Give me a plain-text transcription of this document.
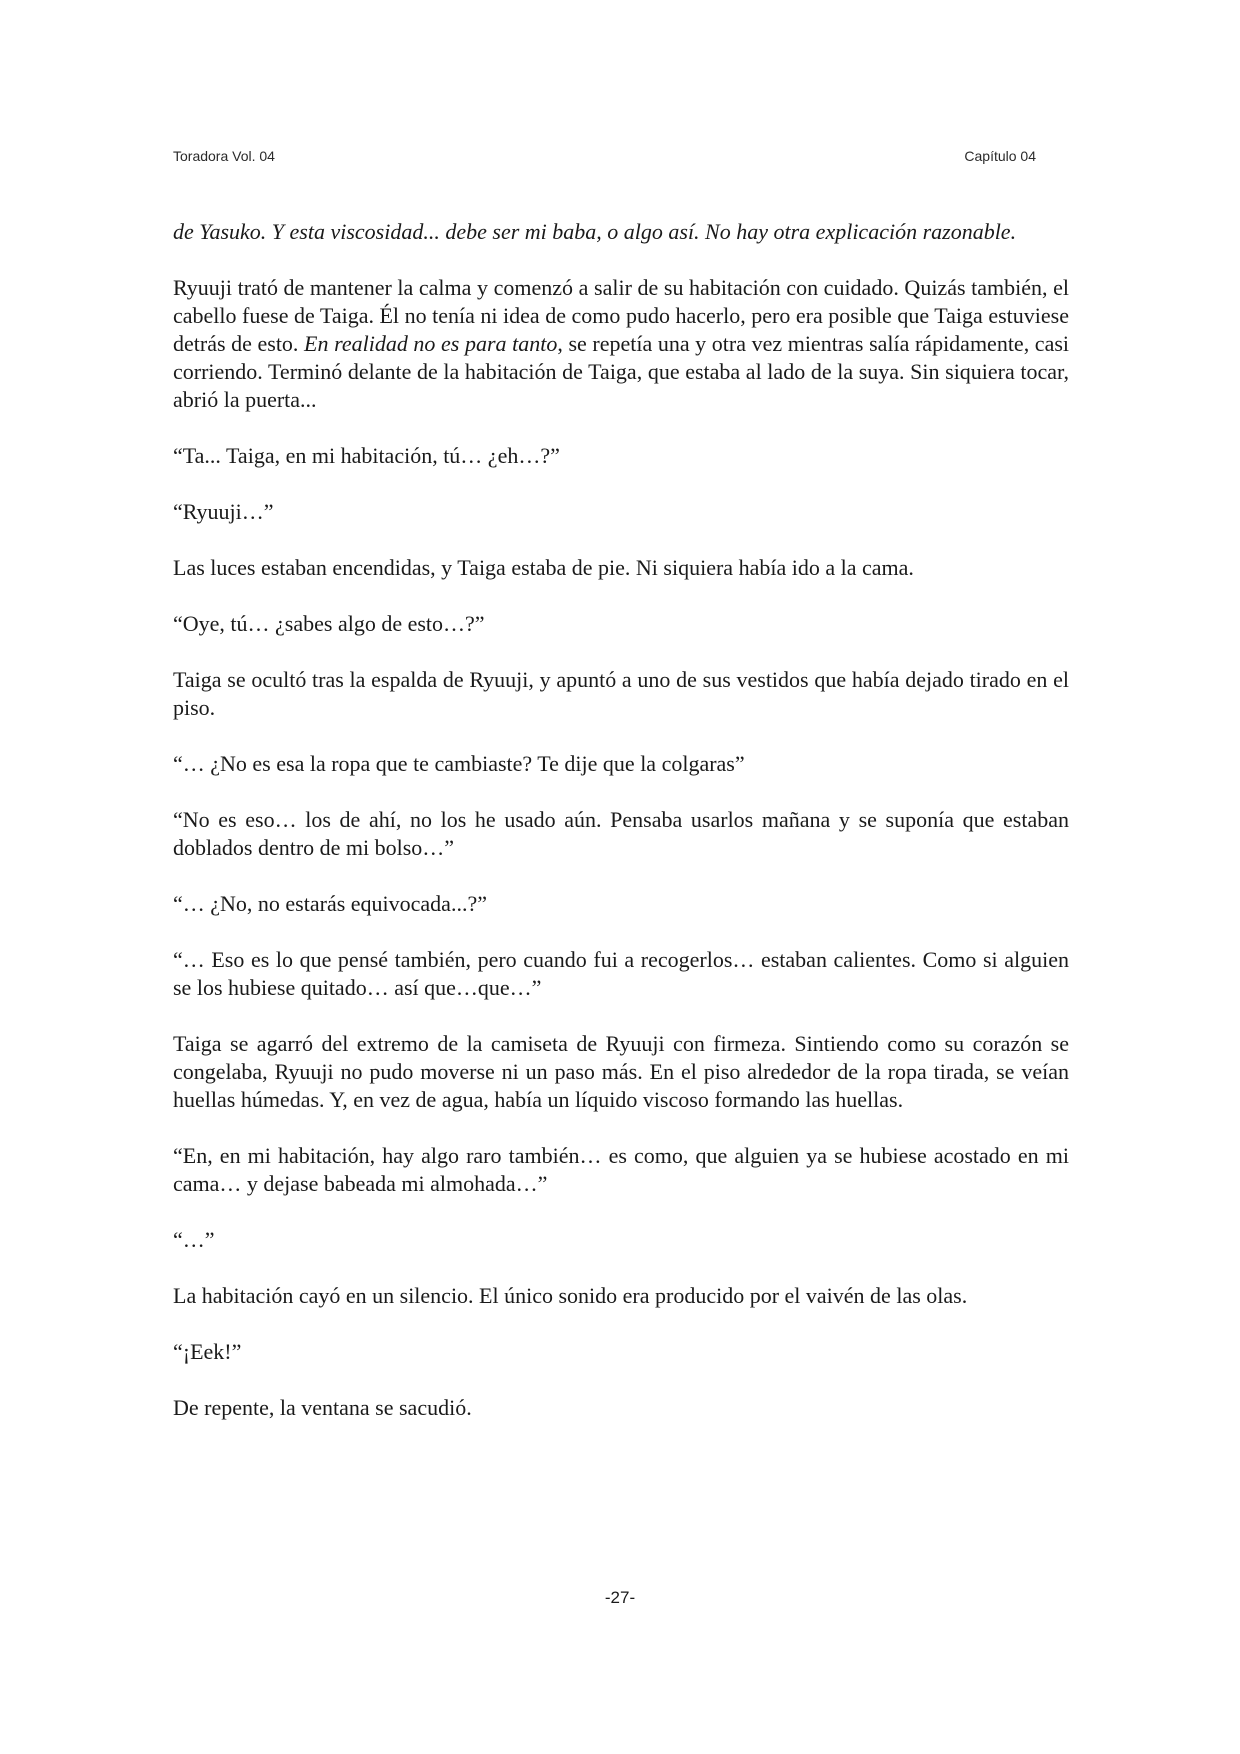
Toradora Vol. 04	Capítulo 04

de Yasuko. Y esta viscosidad... debe ser mi baba, o algo así. No hay otra explicación razonable.

Ryuuji trató de mantener la calma y comenzó a salir de su habitación con cuidado. Quizás también, el cabello fuese de Taiga. Él no tenía ni idea de como pudo hacerlo, pero era posible que Taiga estuviese detrás de esto. En realidad no es para tanto, se repetía una y otra vez mientras salía rápidamente, casi corriendo. Terminó delante de la habitación de Taiga, que estaba al lado de la suya. Sin siquiera tocar, abrió la puerta...

“Ta... Taiga, en mi habitación, tú… ¿eh…?”

“Ryuuji…”

Las luces estaban encendidas, y Taiga estaba de pie. Ni siquiera había ido a la cama.

“Oye, tú… ¿sabes algo de esto…?”

Taiga se ocultó tras la espalda de Ryuuji, y apuntó a uno de sus vestidos que había dejado tirado en el piso.

“… ¿No es esa la ropa que te cambiaste? Te dije que la colgaras”

“No es eso… los de ahí, no los he usado aún. Pensaba usarlos mañana y se suponía que estaban doblados dentro de mi bolso…”

“… ¿No, no estarás equivocada...?”

“… Eso es lo que pensé también, pero cuando fui a recogerlos… estaban calientes. Como si alguien se los hubiese quitado… así que…que…”

Taiga se agarró del extremo de la camiseta de Ryuuji con firmeza. Sintiendo como su corazón se congelaba, Ryuuji no pudo moverse ni un paso más. En el piso alrededor de la ropa tirada, se veían huellas húmedas. Y, en vez de agua, había un líquido viscoso formando las huellas.

“En, en mi habitación, hay algo raro también… es como, que alguien ya se hubiese acostado en mi cama… y dejase babeada mi almohada…”

“…”

La habitación cayó en un silencio. El único sonido era producido por el vaivén de las olas.

“¡Eek!”

De repente, la ventana se sacudió.

-27-
